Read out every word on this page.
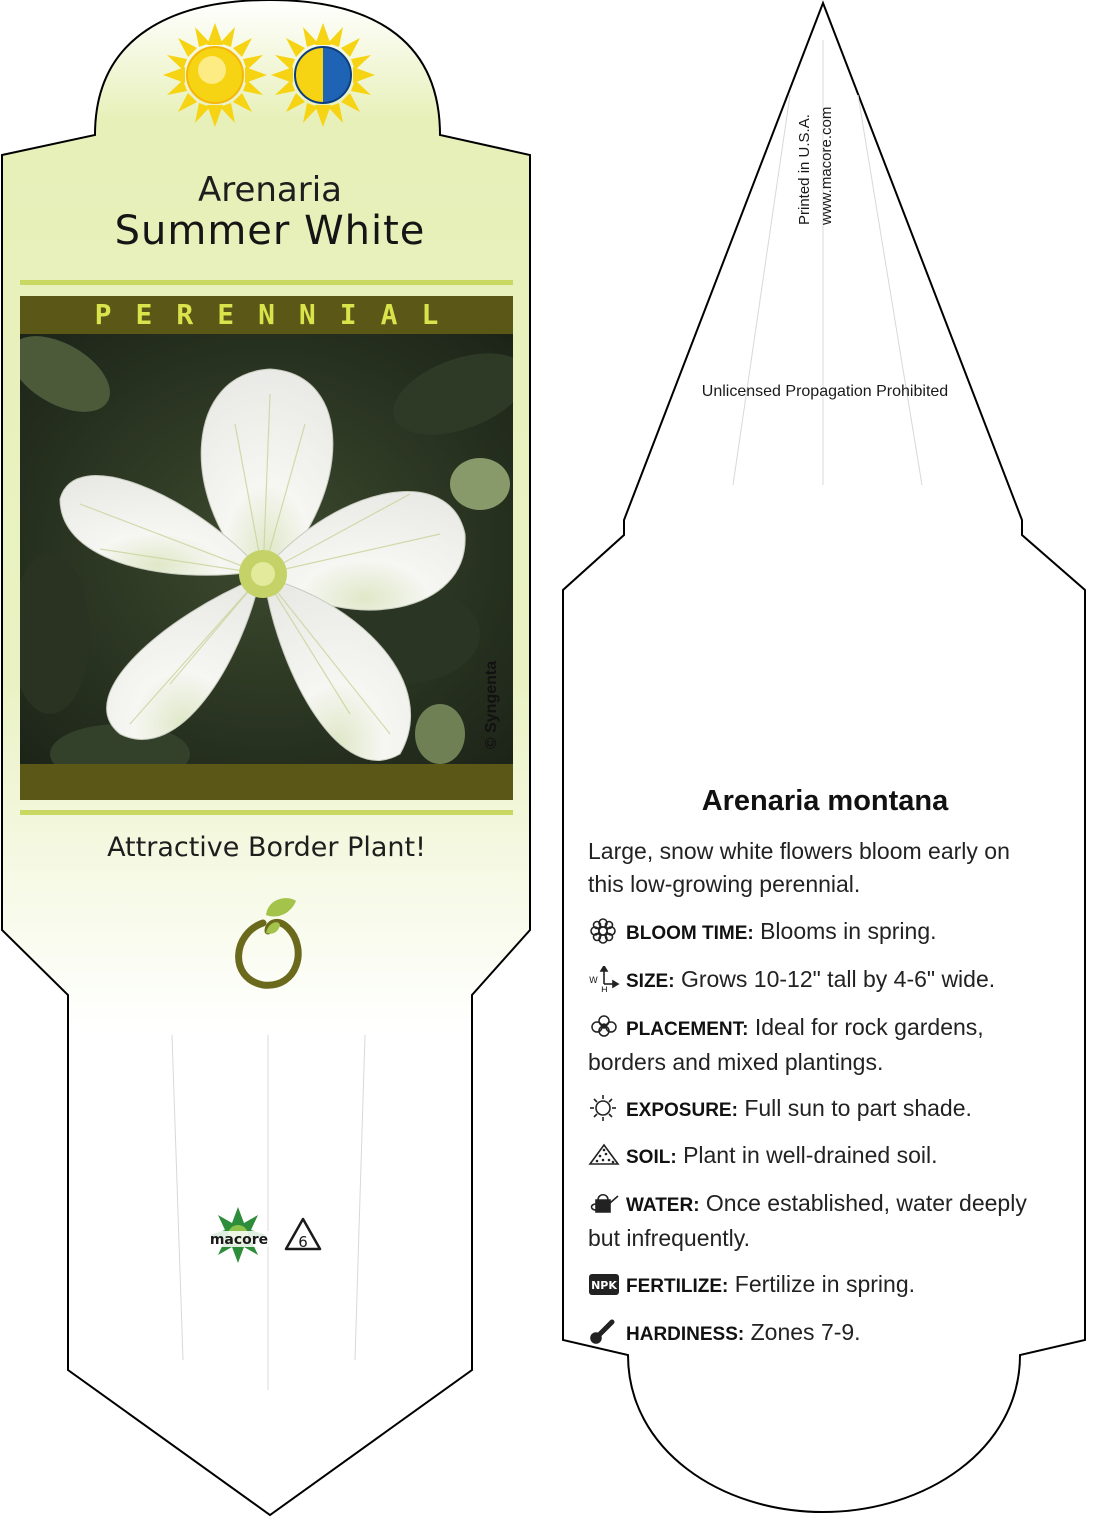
Arenaria
Summer White
PERENNIAL
© Syngenta
Attractive Border Plant!
macore 6
Printed in U.S.A. www.macore.com
Unlicensed Propagation Prohibited
Arenaria montana
Large, snow white flowers bloom early on this low-growing perennial.
BLOOM TIME: Blooms in spring.
W
H SIZE: Grows 10-12" tall by 4-6" wide.
PLACEMENT: Ideal for rock gardens, borders and mixed plantings.
EXPOSURE: Full sun to part shade.
SOIL: Plant in well-drained soil.
WATER: Once established, water deeply but infrequently.
NPK FERTILIZE: Fertilize in spring.
HARDINESS: Zones 7-9.
